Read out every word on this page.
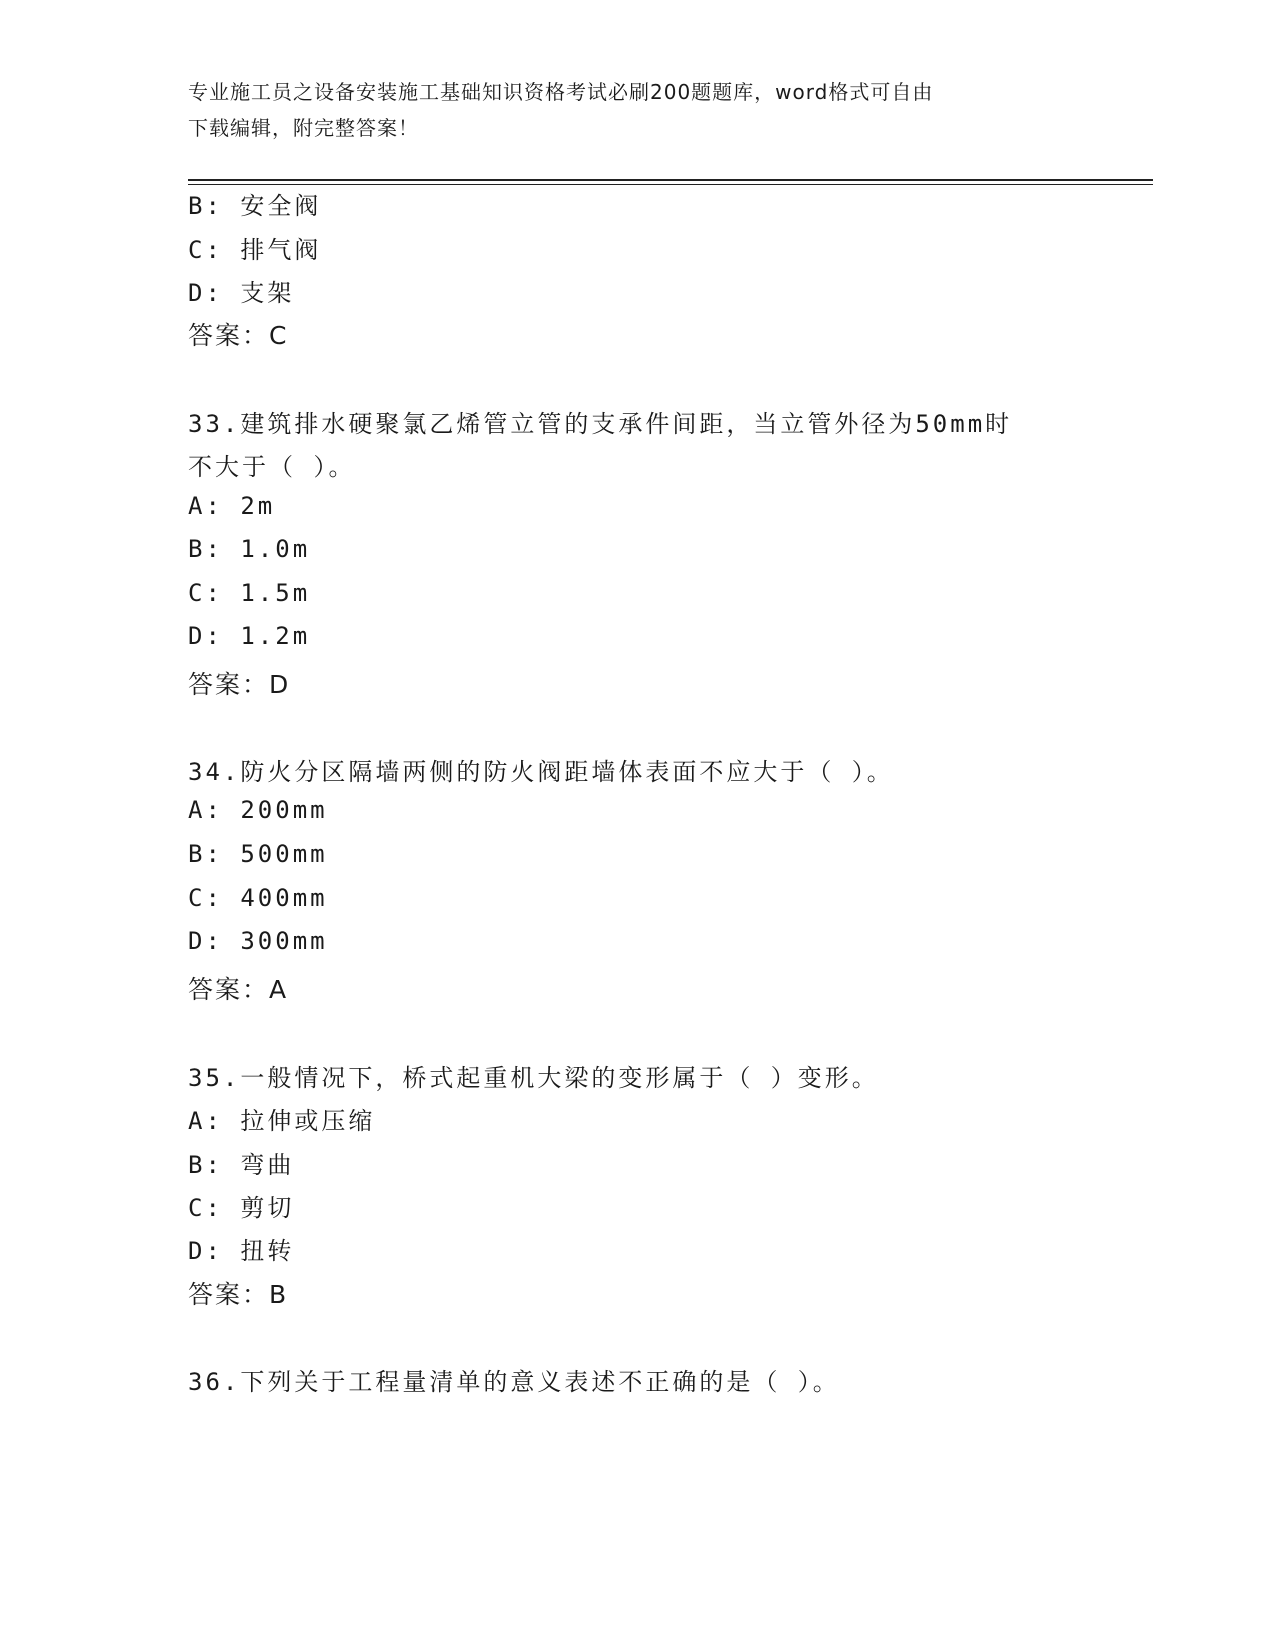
专业施工员之设备安装施工基础知识资格考试必刷200题题库，word格式可自由
下载编辑，附完整答案！
B: 安全阀
C: 排气阀
D: 支架
答案：C
33.建筑排水硬聚氯乙烯管立管的支承件间距，当立管外径为50mm时
不大于（ ）。
A: 2m
B: 1.0m
C: 1.5m
D: 1.2m
答案：D
34.防火分区隔墙两侧的防火阀距墙体表面不应大于（ ）。
A: 200mm
B: 500mm
C: 400mm
D: 300mm
答案：A
35.一般情况下，桥式起重机大梁的变形属于（ ）变形。
A: 拉伸或压缩
B: 弯曲
C: 剪切
D: 扭转
答案：B
36.下列关于工程量清单的意义表述不正确的是（ ）。
